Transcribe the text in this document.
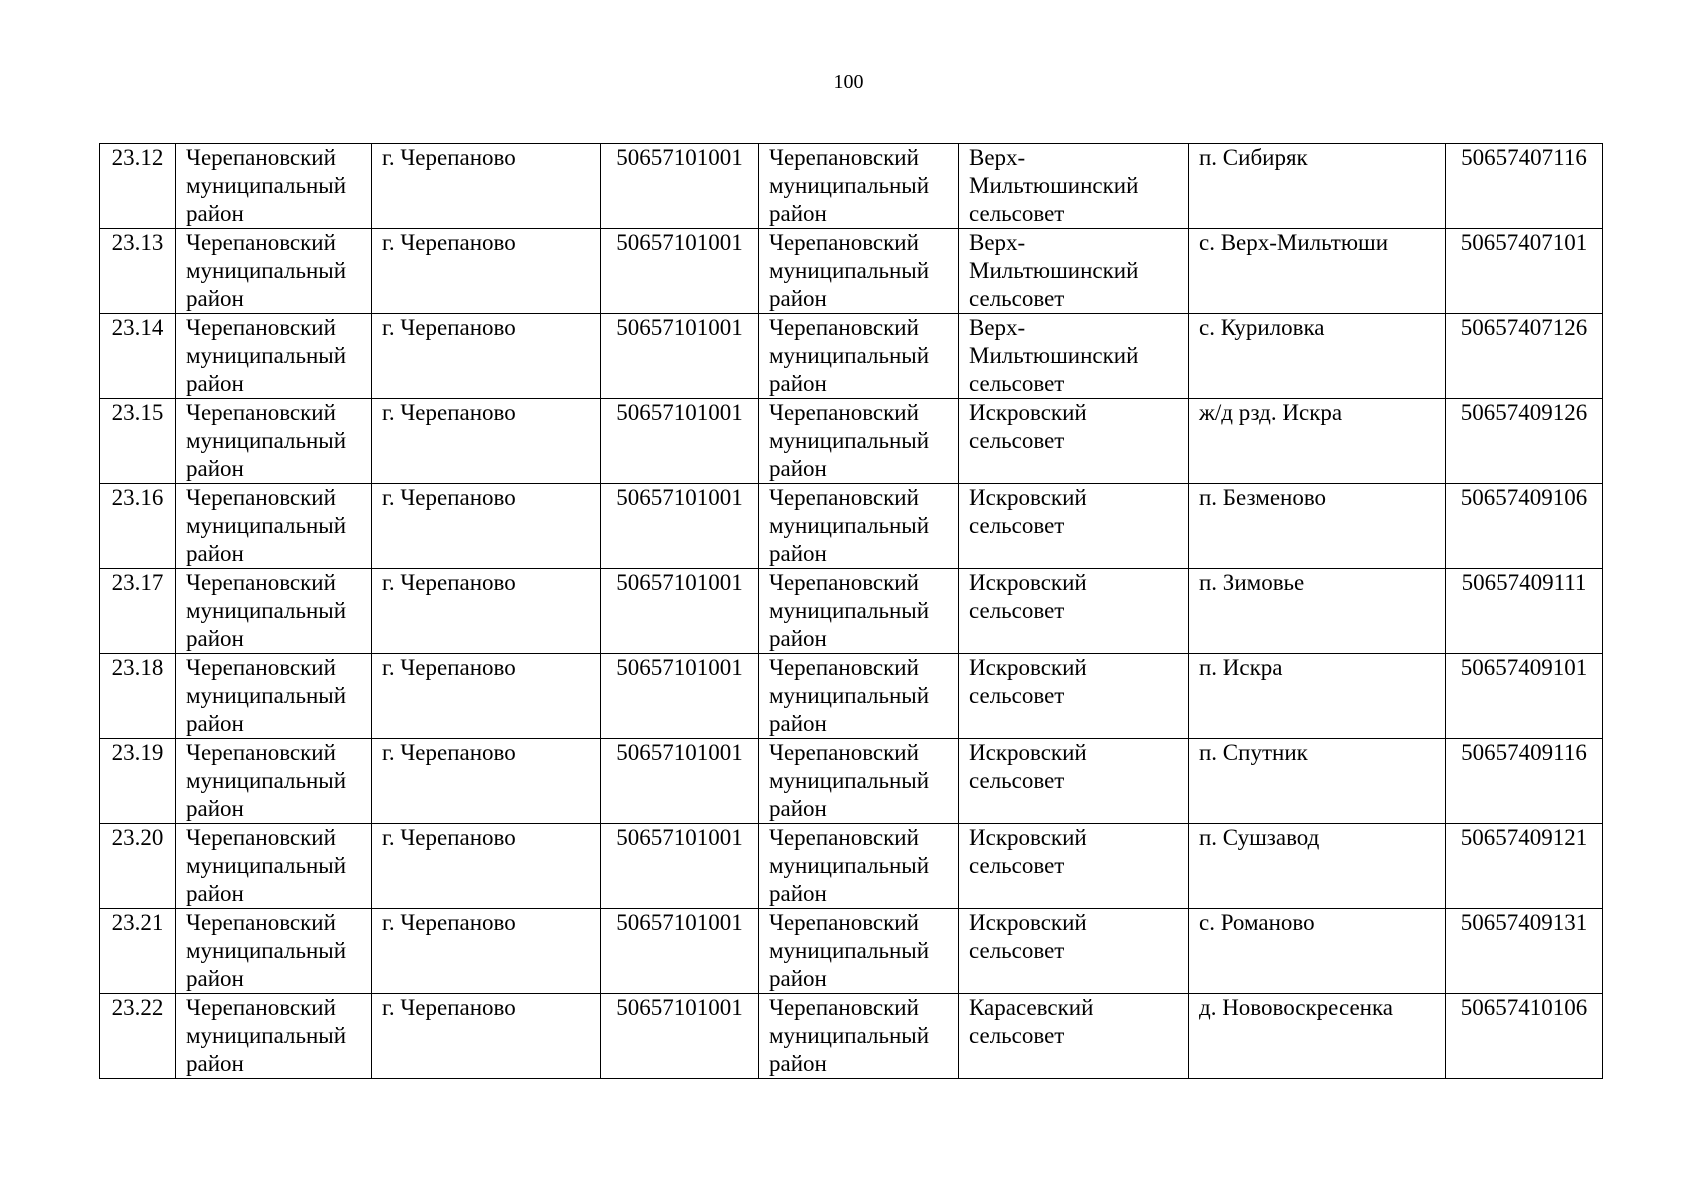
100
23.12	Черепановский
муниципальный
район	г. Черепаново	50657101001	Черепановский
муниципальный
район	Верх-
Мильтюшинский
сельсовет	п. Сибиряк	50657407116
23.13	Черепановский
муниципальный
район	г. Черепаново	50657101001	Черепановский
муниципальный
район	Верх-
Мильтюшинский
сельсовет	с. Верх-Мильтюши	50657407101
23.14	Черепановский
муниципальный
район	г. Черепаново	50657101001	Черепановский
муниципальный
район	Верх-
Мильтюшинский
сельсовет	с. Куриловка	50657407126
23.15	Черепановский
муниципальный
район	г. Черепаново	50657101001	Черепановский
муниципальный
район	Искровский
сельсовет	ж/д рзд. Искра	50657409126
23.16	Черепановский
муниципальный
район	г. Черепаново	50657101001	Черепановский
муниципальный
район	Искровский
сельсовет	п. Безменово	50657409106
23.17	Черепановский
муниципальный
район	г. Черепаново	50657101001	Черепановский
муниципальный
район	Искровский
сельсовет	п. Зимовье	50657409111
23.18	Черепановский
муниципальный
район	г. Черепаново	50657101001	Черепановский
муниципальный
район	Искровский
сельсовет	п. Искра	50657409101
23.19	Черепановский
муниципальный
район	г. Черепаново	50657101001	Черепановский
муниципальный
район	Искровский
сельсовет	п. Спутник	50657409116
23.20	Черепановский
муниципальный
район	г. Черепаново	50657101001	Черепановский
муниципальный
район	Искровский
сельсовет	п. Сушзавод	50657409121
23.21	Черепановский
муниципальный
район	г. Черепаново	50657101001	Черепановский
муниципальный
район	Искровский
сельсовет	с. Романово	50657409131
23.22	Черепановский
муниципальный
район	г. Черепаново	50657101001	Черепановский
муниципальный
район	Карасевский
сельсовет	д. Нововоскресенка	50657410106
